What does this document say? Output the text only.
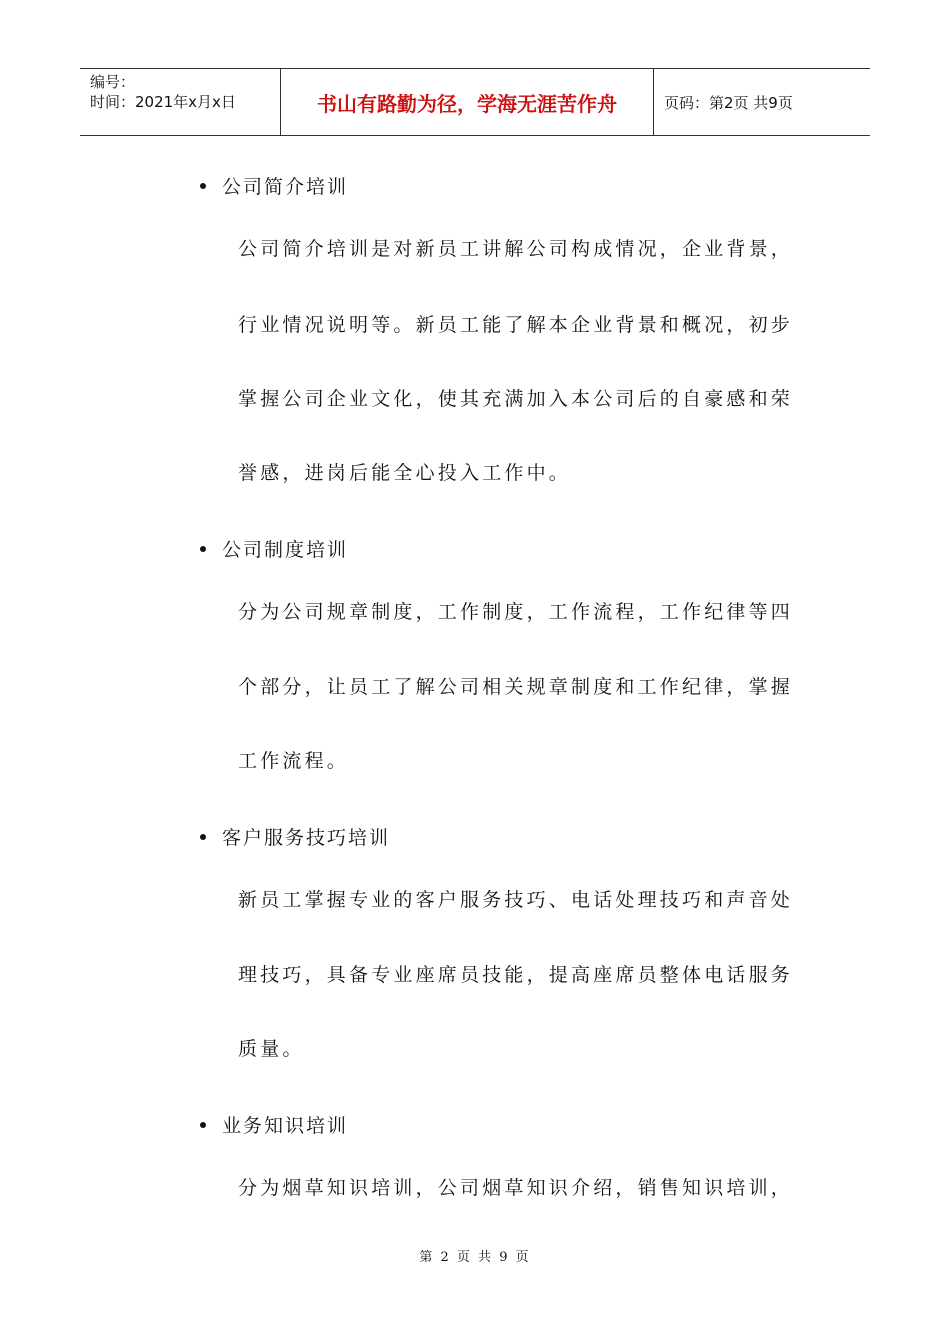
编号：
时间：2021年x月x日	书山有路勤为径，学海无涯苦作舟	页码：第2页 共9页
公司简介培训
公司简介培训是对新员工讲解公司构成情况，企业背景，
行业情况说明等。新员工能了解本企业背景和概况，初步
掌握公司企业文化，使其充满加入本公司后的自豪感和荣
誉感，进岗后能全心投入工作中。
公司制度培训
分为公司规章制度，工作制度，工作流程，工作纪律等四
个部分，让员工了解公司相关规章制度和工作纪律，掌握
工作流程。
客户服务技巧培训
新员工掌握专业的客户服务技巧、电话处理技巧和声音处
理技巧，具备专业座席员技能，提高座席员整体电话服务
质量。
业务知识培训
分为烟草知识培训，公司烟草知识介绍，销售知识培训，
第 2 页 共 9 页
